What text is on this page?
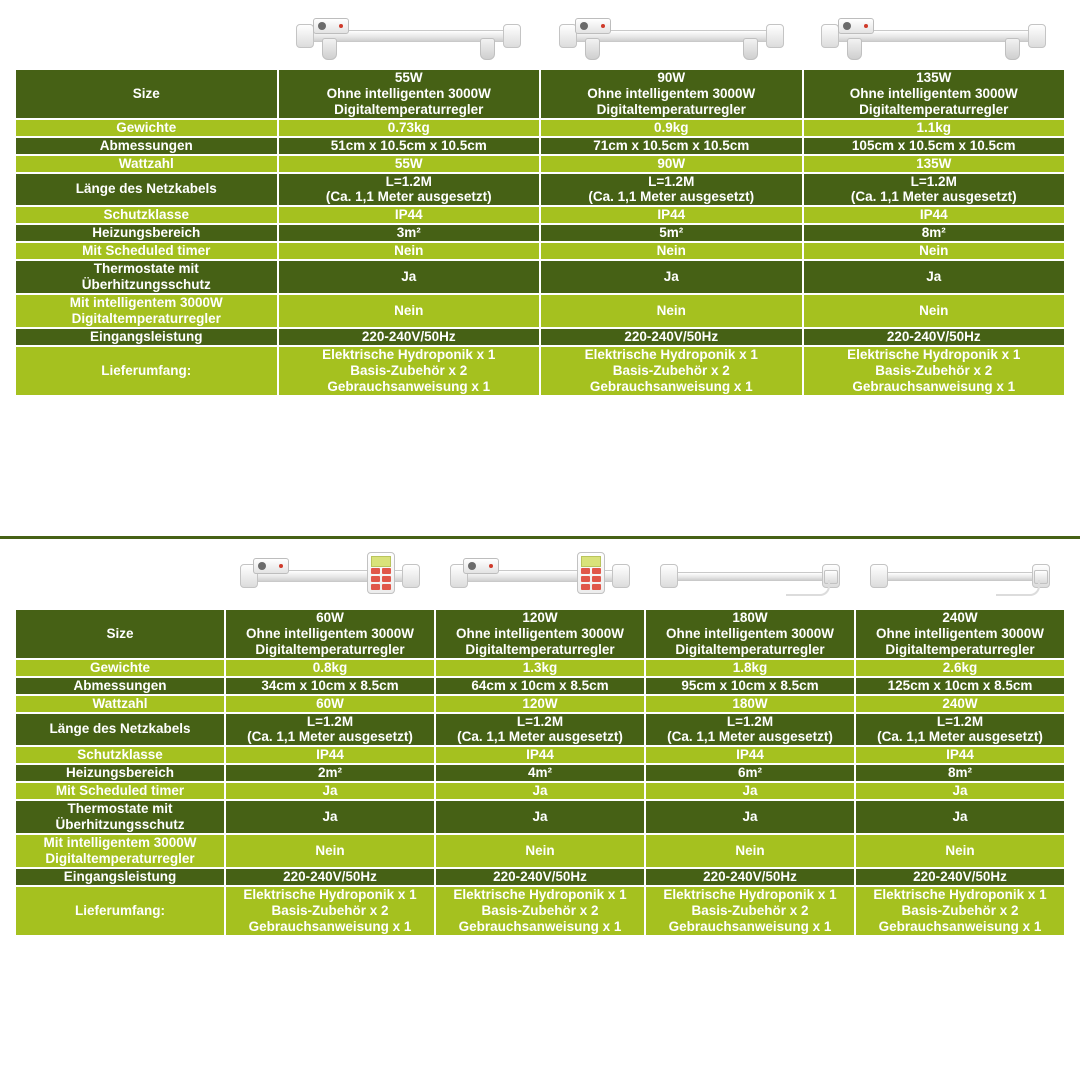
Size	55W
Ohne intelligenten 3000W
Digitaltemperaturregler	90W
Ohne intelligentem 3000W
Digitaltemperaturregler	135W
Ohne intelligentem 3000W
Digitaltemperaturregler
Gewichte	0.73kg	0.9kg	1.1kg
Abmessungen	51cm x 10.5cm x 10.5cm	71cm x 10.5cm x 10.5cm	105cm x 10.5cm x 10.5cm
Wattzahl	55W	90W	135W
Länge des Netzkabels	L=1.2M
(Ca. 1,1 Meter ausgesetzt)	L=1.2M
(Ca. 1,1 Meter ausgesetzt)	L=1.2M
(Ca. 1,1 Meter ausgesetzt)
Schutzklasse	IP44	IP44	IP44
Heizungsbereich	3m²	5m²	8m²
Mit Scheduled timer	Nein	Nein	Nein
Thermostate mit
Überhitzungsschutz	Ja	Ja	Ja
Mit intelligentem 3000W
Digitaltemperaturregler	Nein	Nein	Nein
Eingangsleistung	220-240V/50Hz	220-240V/50Hz	220-240V/50Hz
Lieferumfang:	Elektrische Hydroponik x 1
Basis-Zubehör x 2
Gebrauchsanweisung x 1	Elektrische Hydroponik x 1
Basis-Zubehör x 2
Gebrauchsanweisung x 1	Elektrische Hydroponik x 1
Basis-Zubehör x 2
Gebrauchsanweisung x 1

Size	60W
Ohne intelligentem 3000W
Digitaltemperaturregler	120W
Ohne intelligentem 3000W
Digitaltemperaturregler	180W
Ohne intelligentem 3000W
Digitaltemperaturregler	240W
Ohne intelligentem 3000W
Digitaltemperaturregler
Gewichte	0.8kg	1.3kg	1.8kg	2.6kg
Abmessungen	34cm x 10cm x 8.5cm	64cm x 10cm x 8.5cm	95cm x 10cm x 8.5cm	125cm x 10cm x 8.5cm
Wattzahl	60W	120W	180W	240W
Länge des Netzkabels	L=1.2M
(Ca. 1,1 Meter ausgesetzt)	L=1.2M
(Ca. 1,1 Meter ausgesetzt)	L=1.2M
(Ca. 1,1 Meter ausgesetzt)	L=1.2M
(Ca. 1,1 Meter ausgesetzt)
Schutzklasse	IP44	IP44	IP44	IP44
Heizungsbereich	2m²	4m²	6m²	8m²
Mit Scheduled timer	Ja	Ja	Ja	Ja
Thermostate mit
Überhitzungsschutz	Ja	Ja	Ja	Ja
Mit intelligentem 3000W
Digitaltemperaturregler	Nein	Nein	Nein	Nein
Eingangsleistung	220-240V/50Hz	220-240V/50Hz	220-240V/50Hz	220-240V/50Hz
Lieferumfang:	Elektrische Hydroponik x 1
Basis-Zubehör x 2
Gebrauchsanweisung x 1	Elektrische Hydroponik x 1
Basis-Zubehör x 2
Gebrauchsanweisung x 1	Elektrische Hydroponik x 1
Basis-Zubehör x 2
Gebrauchsanweisung x 1	Elektrische Hydroponik x 1
Basis-Zubehör x 2
Gebrauchsanweisung x 1
